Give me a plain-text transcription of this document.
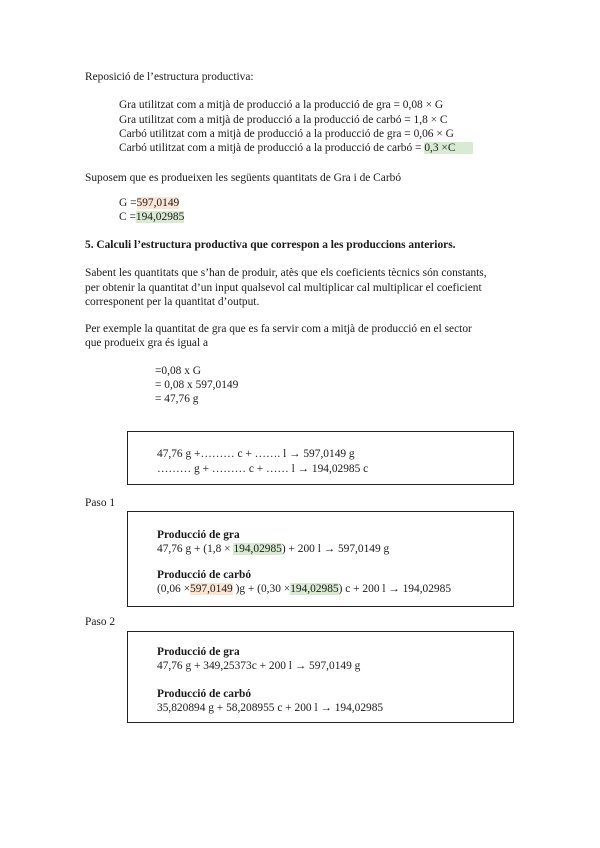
Reposició de l’estructura productiva:
Gra utilitzat com a mitjà de producció a la producció de gra = 0,08 × G
Gra utilitzat com a mitjà de producció a la producció de carbó = 1,8 × C
Carbó utilitzat com a mitjà de producció a la producció de gra = 0,06 × G
Carbó utilitzat com a mitjà de producció a la producció de carbó = 0,3 ×C
Suposem que es produeixen les següents quantitats de Gra i de Carbó
G =597,0149
C =194,02985
5. Calculi l’estructura productiva que correspon a les produccions anteriors.
Sabent les quantitats que s’han de produir, atès que els coeficients tècnics són constants,
per obtenir la quantitat d’un input qualsevol cal multiplicar cal multiplicar el coeficient
corresponent per la quantitat d’output.
Per exemple la quantitat de gra que es fa servir com a mitjà de producció en el sector
que produeix gra és igual a
=0,08 x G
= 0,08 x 597,0149
= 47,76 g
47,76 g +……… c + ……. l → 597,0149 g
……… g + ……… c + …… l → 194,02985 c
Paso 1
Producció de gra
47,76 g + (1,8 × 194,02985) + 200 l → 597,0149 g
Producció de carbó
(0,06 ×597,0149 )g + (0,30 ×194,02985) c + 200 l → 194,02985
Paso 2
Producció de gra
47,76 g + 349,25373c + 200 l → 597,0149 g
Producció de carbó
35,820894 g + 58,208955 c + 200 l → 194,02985
